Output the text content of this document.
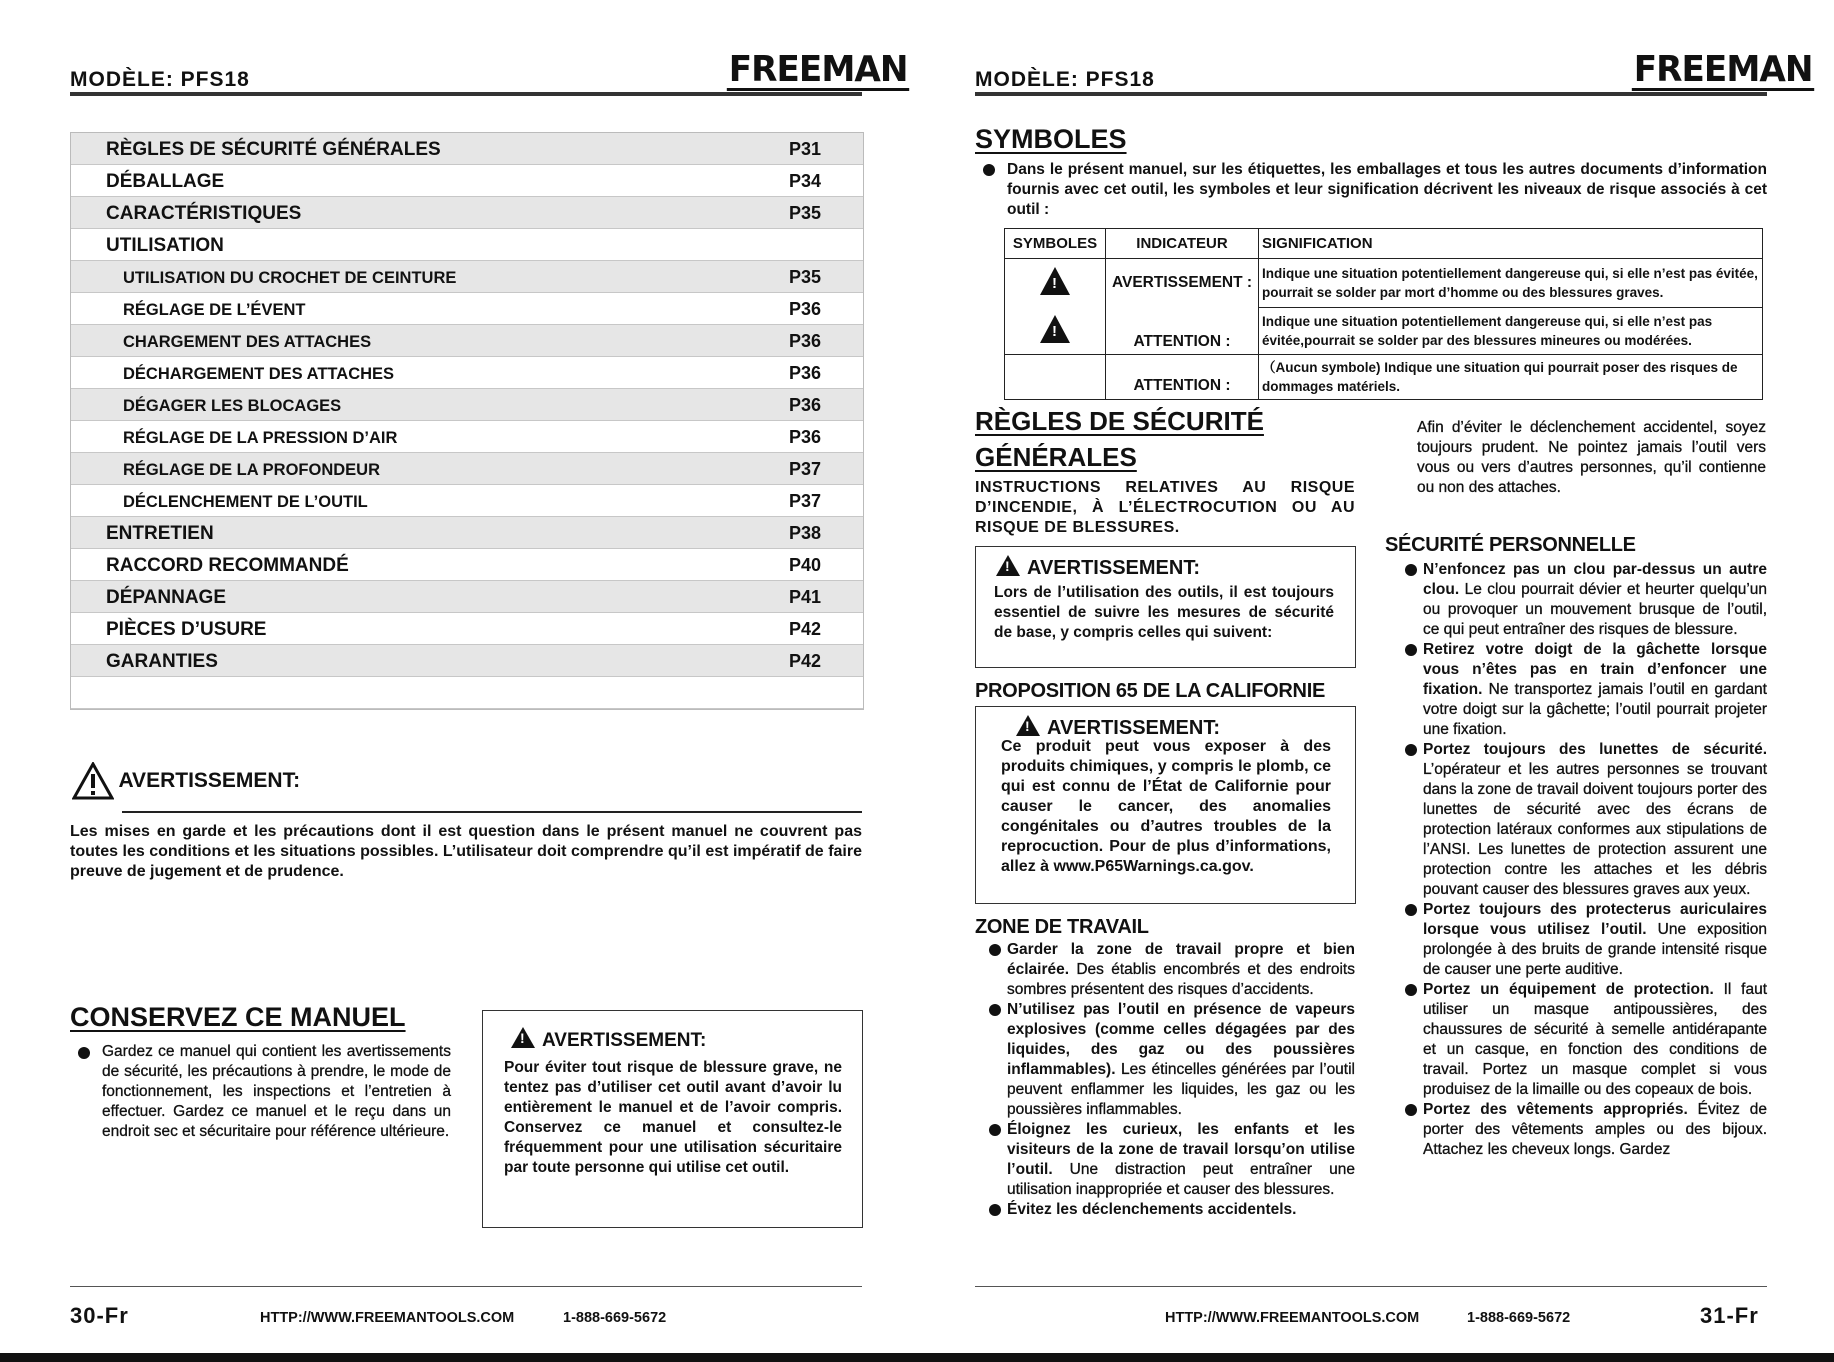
MODÈLE: PFS18	FREEMAN
RÈGLES DE SÉCURITÉ GÉNÉRALES	P31
DÉBALLAGE	P34
CARACTÉRISTIQUES	P35
UTILISATION
UTILISATION DU CROCHET DE CEINTURE	P35
RÉGLAGE DE L’ÉVENT	P36
CHARGEMENT DES ATTACHES	P36
DÉCHARGEMENT DES ATTACHES	P36
DÉGAGER LES BLOCAGES	P36
RÉGLAGE DE LA PRESSION D’AIR	P36
RÉGLAGE DE LA PROFONDEUR	P37
DÉCLENCHEMENT DE L’OUTIL	P37
ENTRETIEN	P38
RACCORD RECOMMANDÉ	P40
DÉPANNAGE	P41
PIÈCES D’USURE	P42
GARANTIES	P42
AVERTISSEMENT:
Les mises en garde et les précautions dont il est question dans le présent manuel ne couvrent pas toutes les conditions et les situations possibles. L’utilisateur doit comprendre qu’il est impératif de faire preuve de jugement et de prudence.
CONSERVEZ CE MANUEL
Gardez ce manuel qui contient les avertissements de sécurité, les précautions à prendre, le mode de fonctionnement, les inspections et l’entretien à effectuer. Gardez ce manuel et le reçu dans un endroit sec et sécuritaire pour référence ultérieure.
!AVERTISSEMENT:
Pour éviter tout risque de blessure grave, ne tentez pas d’utiliser cet outil avant d’avoir lu entièrement le manuel et de l’avoir compris. Conservez ce manuel et consultez-le fréquemment pour une utilisation sécuritaire par toute personne qui utilise cet outil.
30-Fr	HTTP://WWW.FREEMANTOOLS.COM	1-888-669-5672
MODÈLE: PFS18	FREEMAN
SYMBOLES
Dans le présent manuel, sur les étiquettes, les emballages et tous les autres documents d’information fournis avec cet outil, les symboles et leur signification décrivent les niveaux de risque associés à cet outil :
SYMBOLES	INDICATEUR	SIGNIFICATION
!	AVERTISSEMENT :	Indique une situation potentiellement dangereuse qui, si elle n’est pas évitée, pourrait se solder par mort d’homme ou des blessures graves.
!	ATTENTION :	Indique une situation potentiellement dangereuse qui, si elle n’est pas évitée,pourrait se solder par des blessures mineures ou modérées.
	ATTENTION :	（Aucun symbole) Indique une situation qui pourrait poser des risques de dommages matériels.
RÈGLES DE SÉCURITÉ
GÉNÉRALES
INSTRUCTIONS RELATIVES AU RISQUE D’INCENDIE, À L’ÉLECTROCUTION OU AU RISQUE DE BLESSURES.
!AVERTISSEMENT:
Lors de l’utilisation des outils, il est toujours essentiel de suivre les mesures de sécurité de base, y compris celles qui suivent:
PROPOSITION 65 DE LA CALIFORNIE
!AVERTISSEMENT:
Ce produit peut vous exposer à des produits chimiques, y compris le plomb, ce qui est connu de l’État de Californie pour causer le cancer, des anomalies congénitales ou d’autres troubles de la reprocuction. Pour de plus d’informations, allez à www.P65Warnings.ca.gov.
ZONE DE TRAVAIL
Garder la zone de travail propre et bien éclairée. Des établis encombrés et des endroits sombres présentent des risques d’accidents.
N’utilisez pas l’outil en présence de vapeurs explosives (comme celles dégagées par des liquides, des gaz ou des poussières inflammables). Les étincelles générées par l’outil peuvent enflammer les liquides, les gaz ou les poussières inflammables.
Éloignez les curieux, les enfants et les visiteurs de la zone de travail lorsqu’on utilise l’outil. Une distraction peut entraîner une utilisation inappropriée et causer des blessures.
Évitez les déclenchements accidentels.
Afin d’éviter le déclenchement accidentel, soyez toujours prudent. Ne pointez jamais l’outil vers vous ou vers d’autres personnes, qu’il contienne ou non des attaches.
SÉCURITÉ PERSONNELLE
N’enfoncez pas un clou par-dessus un autre clou. Le clou pourrait dévier et heurter quelqu’un ou provoquer un mouvement brusque de l’outil, ce qui peut entraîner des risques de blessure.
Retirez votre doigt de la gâchette lorsque vous n’êtes pas en train d’enfoncer une fixation. Ne transportez jamais l’outil en gardant votre doigt sur la gâchette; l’outil pourrait projeter une fixation.
Portez toujours des lunettes de sécurité. L’opérateur et les autres personnes se trouvant dans la zone de travail doivent toujours porter des lunettes de sécurité avec des écrans de protection latéraux conformes aux stipulations de l’ANSI. Les lunettes de protection assurent une protection contre les attaches et les débris pouvant causer des blessures graves aux yeux.
Portez toujours des protecterus auriculaires lorsque vous utilisez l’outil. Une exposition prolongée à des bruits de grande intensité risque de causer une perte auditive.
Portez un équipement de protection. Il faut utiliser un masque antipoussières, des chaussures de sécurité à semelle antidérapante et un casque, en fonction des conditions de travail. Portez un masque complet si vous produisez de la limaille ou des copeaux de bois.
Portez des vêtements appropriés. Évitez de porter des vêtements amples ou des bijoux. Attachez les cheveux longs. Gardez
HTTP://WWW.FREEMANTOOLS.COM	1-888-669-5672	31-Fr
